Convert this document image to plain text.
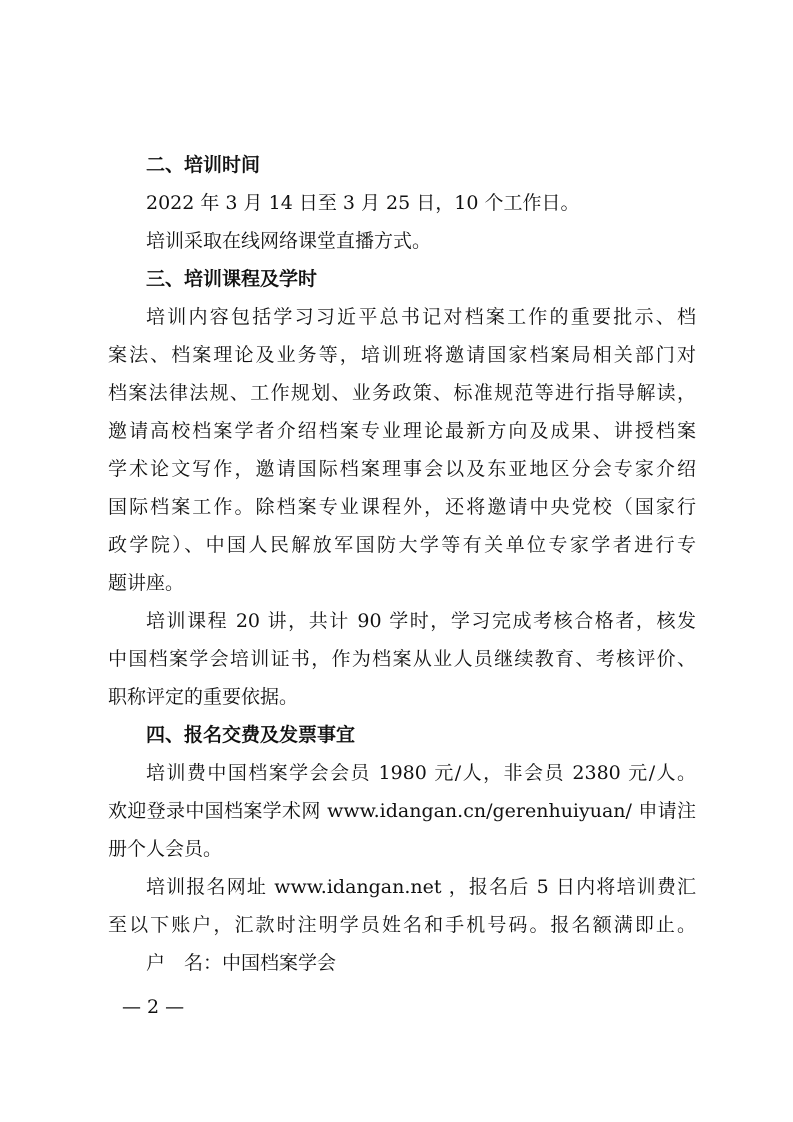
二、培训时间
2022 年 3 月 14 日至 3 月 25 日，10 个工作日。
培训采取在线网络课堂直播方式。
三、培训课程及学时
培训内容包括学习习近平总书记对档案工作的重要批示、档
案法、档案理论及业务等，培训班将邀请国家档案局相关部门对
档案法律法规、工作规划、业务政策、标准规范等进行指导解读，
邀请高校档案学者介绍档案专业理论最新方向及成果、讲授档案
学术论文写作，邀请国际档案理事会以及东亚地区分会专家介绍
国际档案工作。除档案专业课程外，还将邀请中央党校（国家行
政学院）、中国人民解放军国防大学等有关单位专家学者进行专
题讲座。
培训课程 20 讲，共计 90 学时，学习完成考核合格者，核发
中国档案学会培训证书，作为档案从业人员继续教育、考核评价、
职称评定的重要依据。
四、报名交费及发票事宜
培训费中国档案学会会员 1980 元/人，非会员 2380 元/人。
欢迎登录中国档案学术网 www.idangan.cn/gerenhuiyuan/ 申请注
册个人会员。
培训报名网址 www.idangan.net ，报名后 5 日内将培训费汇
至以下账户，汇款时注明学员姓名和手机号码。报名额满即止。
户　名：中国档案学会
— 2 —
